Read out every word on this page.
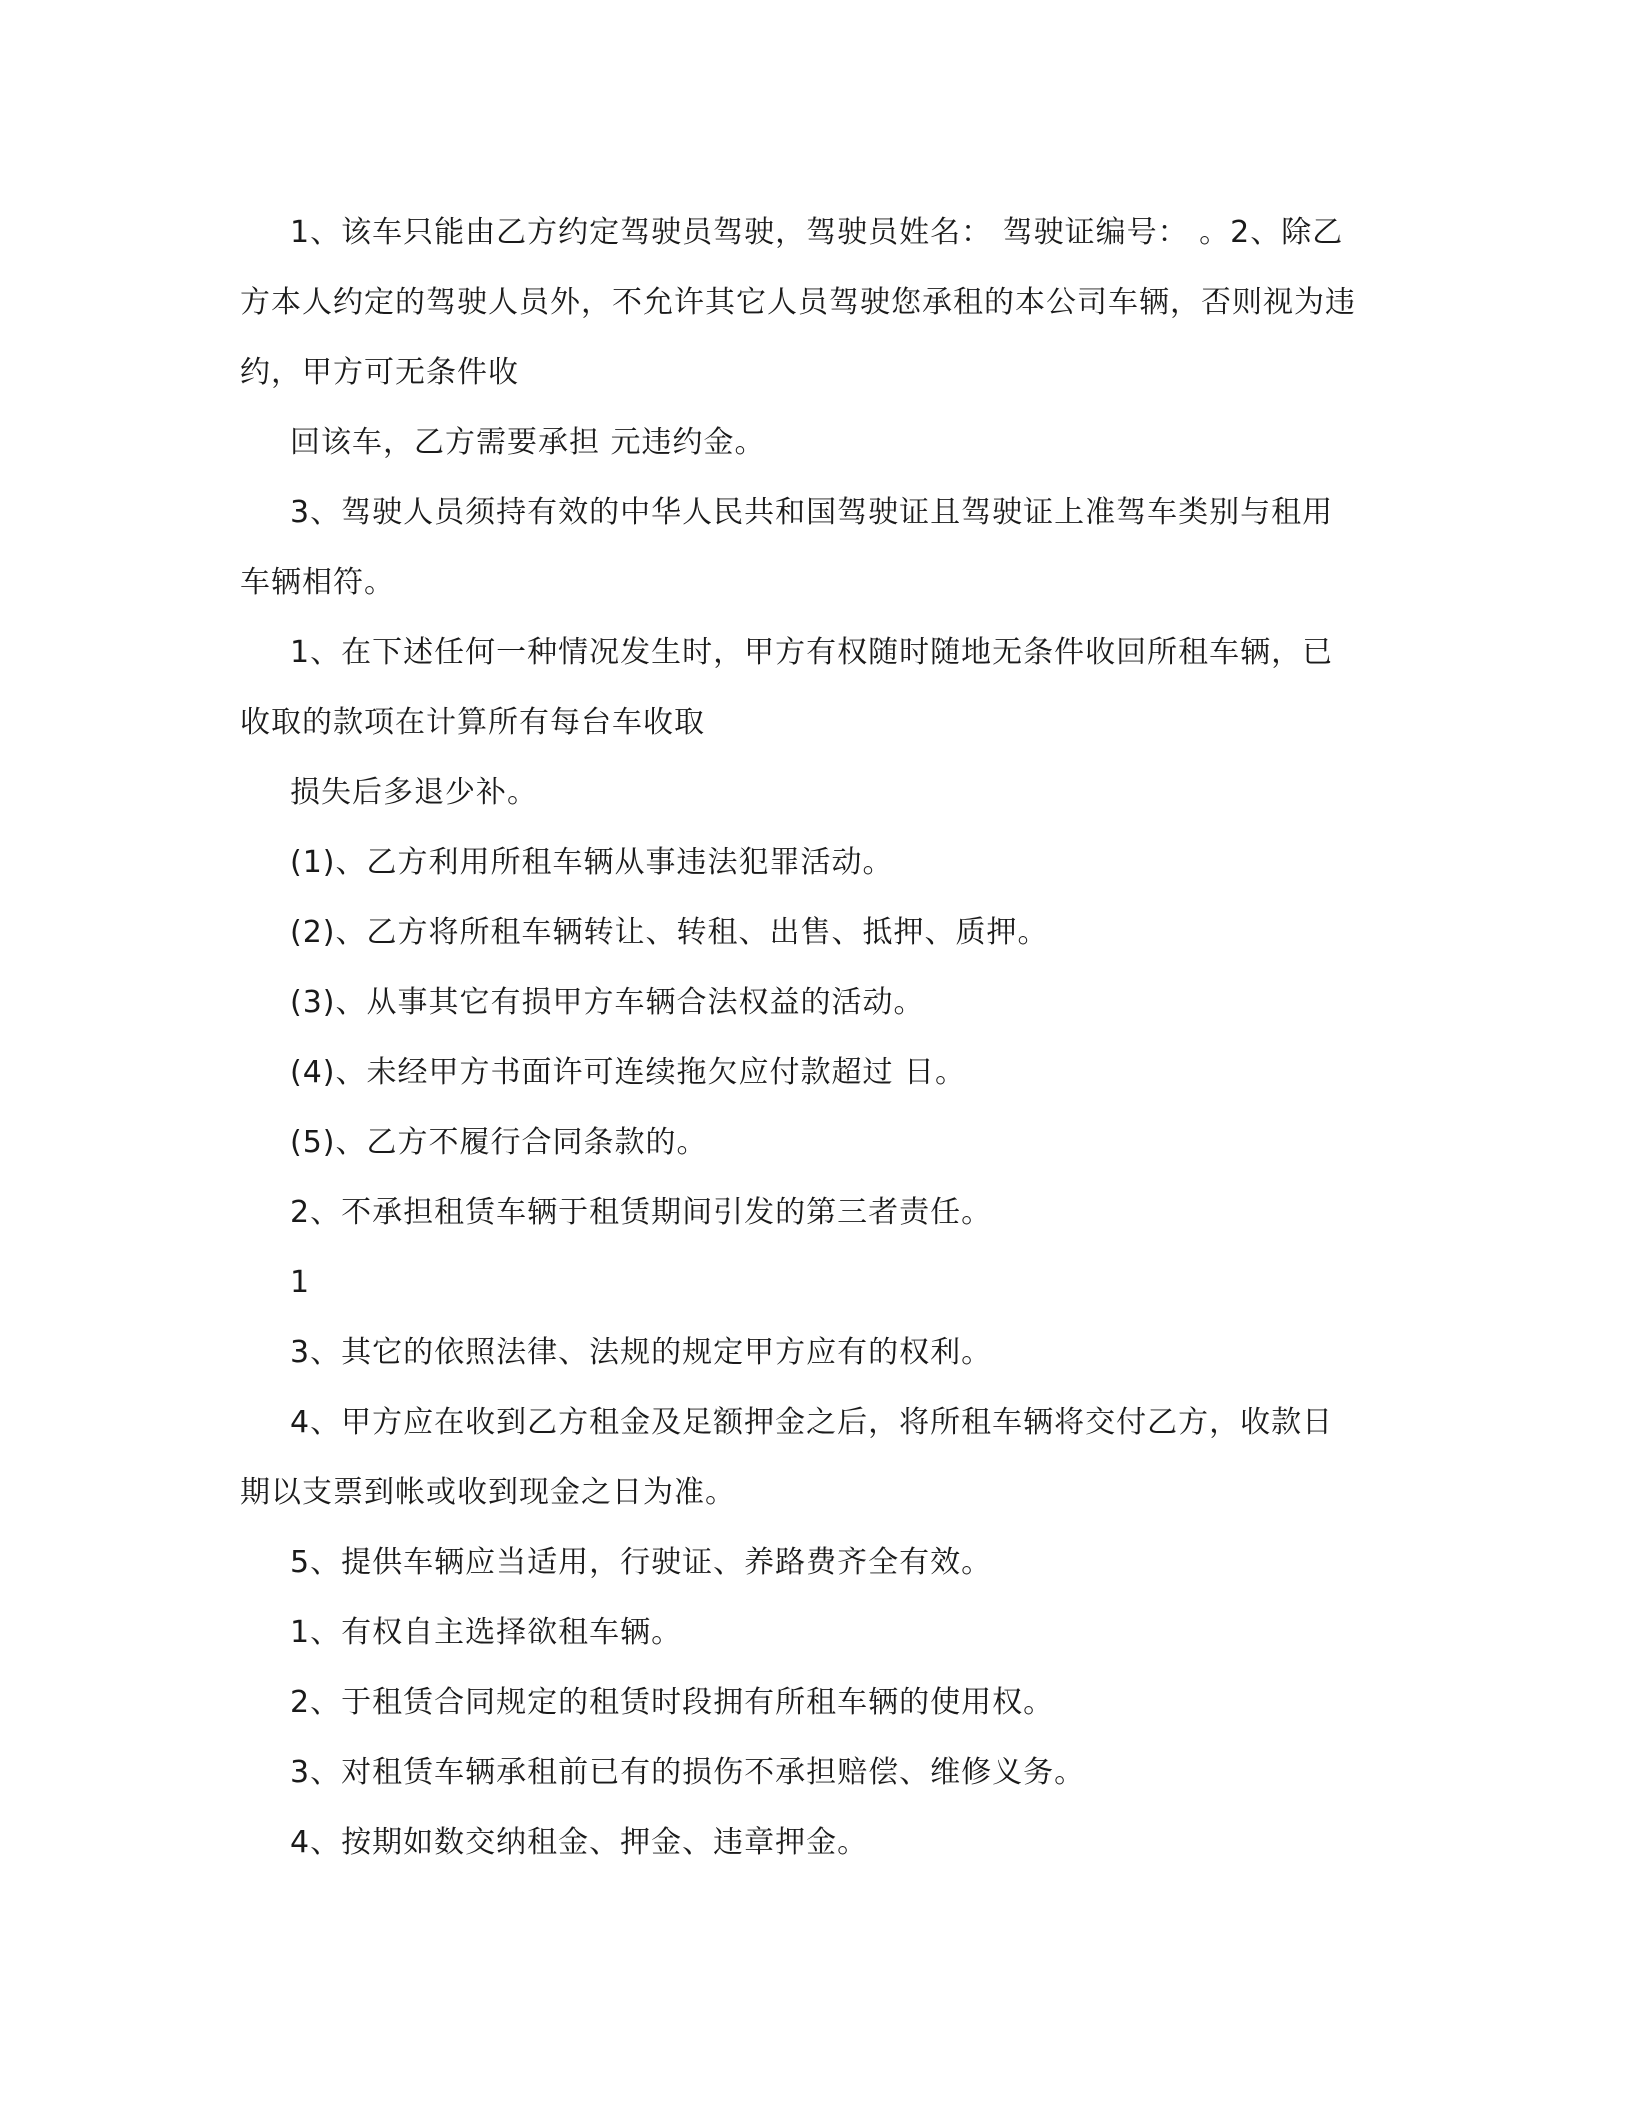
1、该车只能由乙方约定驾驶员驾驶，驾驶员姓名： 驾驶证编号： 。2、除乙方本人约定的驾驶人员外，不允许其它人员驾驶您承租的本公司车辆，否则视为违约，甲方可无条件收

回该车，乙方需要承担 元违约金。

3、驾驶人员须持有效的中华人民共和国驾驶证且驾驶证上准驾车类别与租用车辆相符。

1、在下述任何一种情况发生时，甲方有权随时随地无条件收回所租车辆，已收取的款项在计算所有每台车收取

损失后多退少补。

(1)、乙方利用所租车辆从事违法犯罪活动。

(2)、乙方将所租车辆转让、转租、出售、抵押、质押。

(3)、从事其它有损甲方车辆合法权益的活动。

(4)、未经甲方书面许可连续拖欠应付款超过 日。

(5)、乙方不履行合同条款的。

2、不承担租赁车辆于租赁期间引发的第三者责任。

1

3、其它的依照法律、法规的规定甲方应有的权利。

4、甲方应在收到乙方租金及足额押金之后，将所租车辆将交付乙方，收款日期以支票到帐或收到现金之日为准。

5、提供车辆应当适用，行驶证、养路费齐全有效。

1、有权自主选择欲租车辆。

2、于租赁合同规定的租赁时段拥有所租车辆的使用权。

3、对租赁车辆承租前已有的损伤不承担赔偿、维修义务。

4、按期如数交纳租金、押金、违章押金。
